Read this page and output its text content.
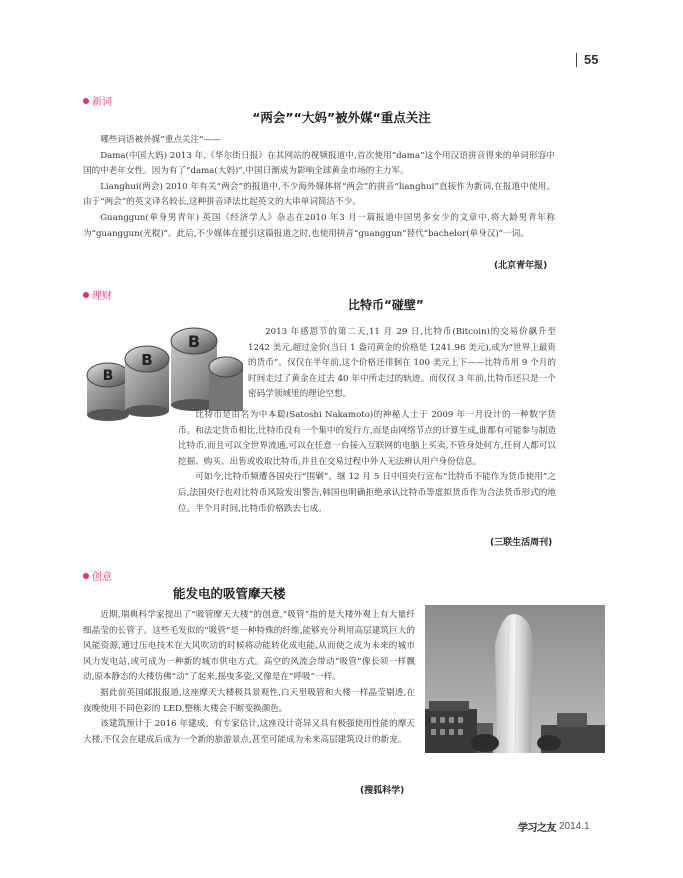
55
新词
“两会”“大妈”被外媒“重点关注

哪些词语被外媒“重点关注”——

Dama(中国大妈) 2013 年,《华尔街日报》在其网站的视频报道中,首次使用“dama”这个用汉语拼音得来的单词形容中国的中老年女性。因为有了“dama(大妈)”,中国日渐成为影响全球黄金市场的主力军。

Lianghui(两会) 2010 年有关“两会”的报道中,不少海外媒体将“两会”的拼音“lianghui”直接作为新词,在报道中使用。由于“两会”的英文译名较长,这种拼音译法比起英文的大串单词简洁不少。

Guanggun(单身男青年) 英国《经济学人》杂志在2010 年3 月一篇报道中国男多女少的文章中,将大龄男青年称为“guanggun(光棍)”。此后,不少媒体在援引这篇报道之时,也使用拼音“guanggun”替代“bachelor(单身汉)”一词。

(北京青年报)
理财
比特币“碰壁”
B
B
B	2013 年感恩节的第二天,11 月 29 日,比特币(Bitcoin)的交易价飙升至 1242 美元,超过金价(当日 1 盎司黄金的价格是 1241.98 美元),成为“世界上最贵的货币”。仅仅在半年前,这个价格还徘徊在 100 美元上下——比特币用 9 个月的时间走过了黄金在过去 40 年中所走过的轨迹。而仅仅 3 年前,比特币还只是一个密码学领域里的理论空想。

比特币是由名为中本聪(Satoshi Nakamoto)的神秘人士于 2009 年一月设计的一种数字货币。和法定货币相比,比特币没有一个集中的发行方,而是由网络节点的计算生成,谁都有可能参与制造比特币,而且可以全世界流通,可以在任意一台接入互联网的电脑上买卖,不管身处何方,任何人都可以挖掘、购买、出售或收取比特币,并且在交易过程中外人无法辨认用户身份信息。

可如今,比特币频遭各国央行“围剿”。继 12 月 5 日中国央行宣布“比特币不能作为货币使用”之后,法国央行也对比特币风险发出警告,韩国也明确拒绝承认比特币等虚拟货币作为合法货币形式的地位。半个月时间,比特币价格跌去七成。

(三联生活周刊)
创意
能发电的吸管摩天楼

近期,瑞典科学家提出了“吸管摩天大楼”的创意,“吸管”指的是大楼外观上有大量纤细晶莹的长管子。这些毛发似的“吸管”是一种特殊的纤维,能够充分利用高层建筑巨大的风能资源,通过压电技术在大风吹动的时候将动能转化成电能,从而使之成为未来的城市风力发电站,或可成为一种新的城市供电方式。高空的风流会带动“吸管”像长须一样飘动,原本静态的大楼仿佛“动”了起来,摇曳多姿,又像是在“呼吸”一样。

据此前英国邮报报道,这座摩天大楼极具景观性,白天里吸管和大楼一样晶莹剔透,在夜晚使用不同色彩的 LED,整栋大楼会不断变换颜色。

该建筑预计于 2016 年建成。有专家估计,这座设计奇异又具有极强使用性能的摩天大楼,不仅会在建成后成为一个新的旅游景点,甚至可能成为未来高层建筑设计的新宠。

(搜狐科学)
学习之友 2014.1
